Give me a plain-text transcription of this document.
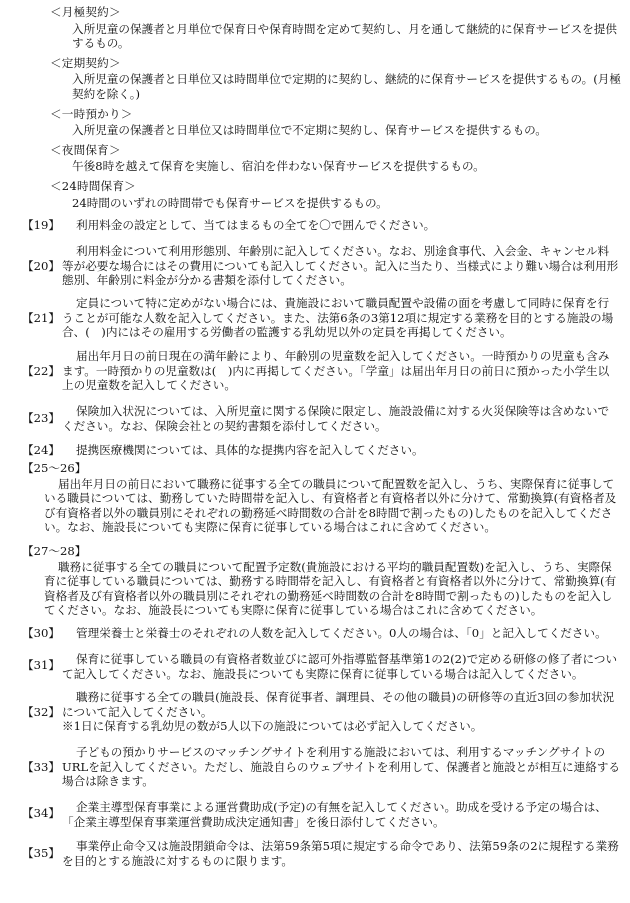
＜月極契約＞

入所児童の保護者と月単位で保育日や保育時間を定めて契約し、月を通して継続的に保育サービスを提供するもの。

＜定期契約＞

入所児童の保護者と日単位又は時間単位で定期的に契約し、継続的に保育サービスを提供するもの。(月極契約を除く。)

＜一時預かり＞

入所児童の保護者と日単位又は時間単位で不定期に契約し、保育サービスを提供するもの。

＜夜間保育＞

午後8時を越えて保育を実施し、宿泊を伴わない保育サービスを提供するもの。

＜24時間保育＞

24時間のいずれの時間帯でも保育サービスを提供するもの。

【19】	利用料金の設定として、当てはまるもの全てを〇で囲んでください。
【20】
利用料金について利用形態別、年齢別に記入してください。なお、別途食事代、入会金、キャンセル料等が必要な場合にはその費用についても記入してください。記入に当たり、当様式により難い場合は利用形態別、年齢別に料金が分かる書類を添付してください。
【21】
定員について特に定めがない場合には、貴施設において職員配置や設備の面を考慮して同時に保育を行うことが可能な人数を記入してください。また、法第6条の3第12項に規定する業務を目的とする施設の場合、(　)内にはその雇用する労働者の監護する乳幼児以外の定員を再掲してください。
【22】
届出年月日の前日現在の満年齢により、年齢別の児童数を記入してください。一時預かりの児童も含みます。一時預かりの児童数は(　)内に再掲してください。「学童」は届出年月日の前日に預かった小学生以上の児童数を記入してください。
【23】	保険加入状況については、入所児童に関する保険に限定し、施設設備に対する火災保険等は含めないでください。なお、保険会社との契約書類を添付してください。
【24】	提携医療機関については、具体的な提携内容を記入してください。
【25～26】
届出年月日の前日において職務に従事する全ての職員について配置数を記入し、うち、実際保育に従事している職員については、勤務していた時間帯を記入し、有資格者と有資格者以外に分けて、常勤換算(有資格者及び有資格者以外の職員別にそれぞれの勤務延べ時間数の合計を8時間で割ったもの)したものを記入してください。なお、施設長についても実際に保育に従事している場合はこれに含めてください。
【27～28】
職務に従事する全ての職員について配置予定数(貴施設における平均的職員配置数)を記入し、うち、実際保育に従事している職員については、勤務する時間帯を記入し、有資格者と有資格者以外に分けて、常勤換算(有資格者及び有資格者以外の職員別にそれぞれの勤務延べ時間数の合計を8時間で割ったもの)したものを記入してください。なお、施設長についても実際に保育に従事している場合はこれに含めてください。
【30】	管理栄養士と栄養士のそれぞれの人数を記入してください。0人の場合は、「0」と記入してください。
【31】	保育に従事している職員の有資格者数並びに認可外指導監督基準第1の2(2)で定める研修の修了者について記入してください。なお、施設長についても実際に保育に従事している場合は記入してください。
【32】
職務に従事する全ての職員(施設長、保育従事者、調理員、その他の職員)の研修等の直近3回の参加状況について記入してください。
※1日に保育する乳幼児の数が5人以下の施設については必ず記入してください。
【33】
子どもの預かりサービスのマッチングサイトを利用する施設においては、利用するマッチングサイトのURLを記入してください。ただし、施設自らのウェブサイトを利用して、保護者と施設とが相互に連絡する場合は除きます。
【34】	企業主導型保育事業による運営費助成(予定)の有無を記入してください。助成を受ける予定の場合は、「企業主導型保育事業運営費助成決定通知書」を後日添付してください。
【35】	事業停止命令又は施設閉鎖命令は、法第59条第5項に規定する命令であり、法第59条の2に規程する業務を目的とする施設に対するものに限ります。
